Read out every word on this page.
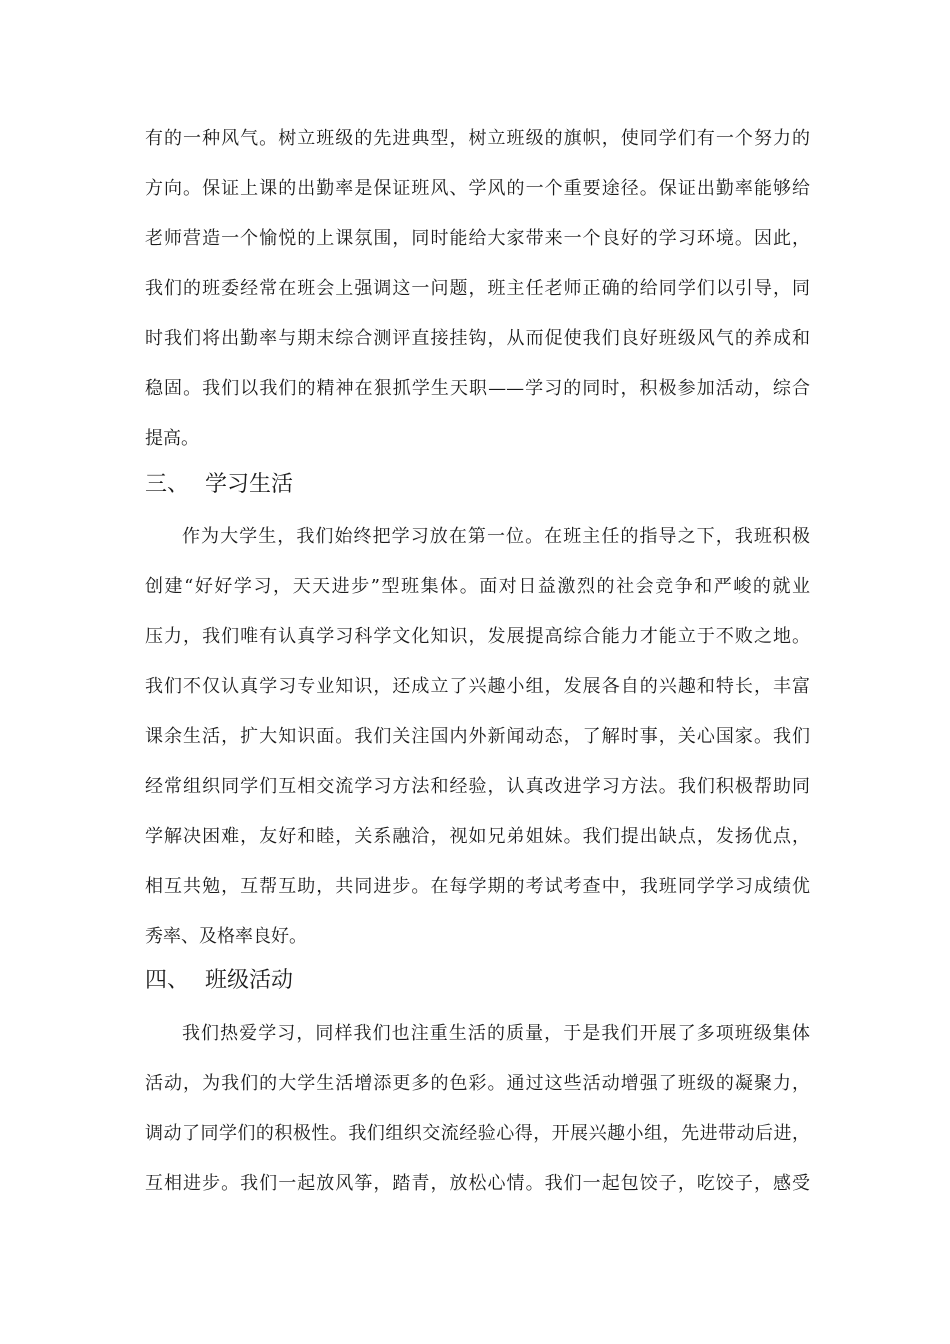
有的一种风气。树立班级的先进典型，树立班级的旗帜，使同学们有一个努力的
方向。保证上课的出勤率是保证班风、学风的一个重要途径。保证出勤率能够给
老师营造一个愉悦的上课氛围，同时能给大家带来一个良好的学习环境。因此，
我们的班委经常在班会上强调这一问题，班主任老师正确的给同学们以引导，同
时我们将出勤率与期末综合测评直接挂钩，从而促使我们良好班级风气的养成和
稳固。我们以我们的精神在狠抓学生天职——学习的同时，积极参加活动，综合
提高。
三、 学习生活
作为大学生，我们始终把学习放在第一位。在班主任的指导之下，我班积极
创建“好好学习，天天进步”型班集体。面对日益激烈的社会竞争和严峻的就业
压力，我们唯有认真学习科学文化知识，发展提高综合能力才能立于不败之地。
我们不仅认真学习专业知识，还成立了兴趣小组，发展各自的兴趣和特长，丰富
课余生活，扩大知识面。我们关注国内外新闻动态，了解时事，关心国家。我们
经常组织同学们互相交流学习方法和经验，认真改进学习方法。我们积极帮助同
学解决困难，友好和睦，关系融洽，视如兄弟姐妹。我们提出缺点，发扬优点，
相互共勉，互帮互助，共同进步。在每学期的考试考查中，我班同学学习成绩优
秀率、及格率良好。
四、 班级活动
我们热爱学习，同样我们也注重生活的质量，于是我们开展了多项班级集体
活动，为我们的大学生活增添更多的色彩。通过这些活动增强了班级的凝聚力，
调动了同学们的积极性。我们组织交流经验心得，开展兴趣小组，先进带动后进，
互相进步。我们一起放风筝，踏青，放松心情。我们一起包饺子，吃饺子，感受
